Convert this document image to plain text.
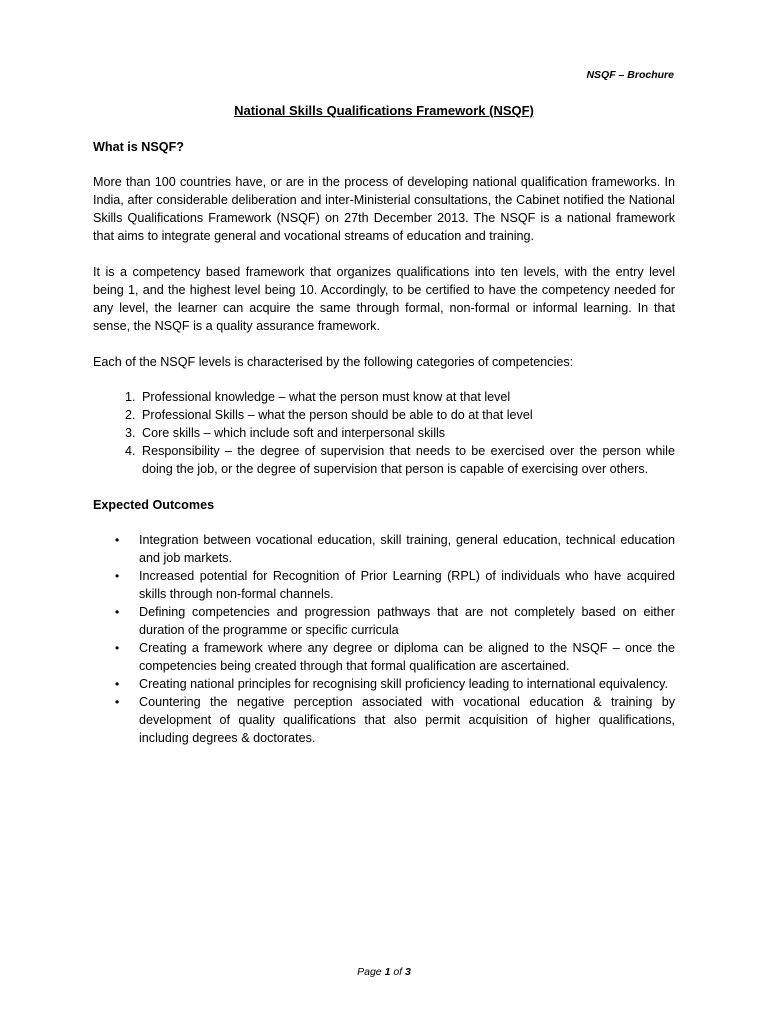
NSQF – Brochure
National Skills Qualifications Framework (NSQF)
What is NSQF?

More than 100 countries have, or are in the process of developing national qualification frameworks. In India, after considerable deliberation and inter-Ministerial consultations, the Cabinet notified the National Skills Qualifications Framework (NSQF) on 27th December 2013. The NSQF is a national framework that aims to integrate general and vocational streams of education and training.

It is a competency based framework that organizes qualifications into ten levels, with the entry level being 1, and the highest level being 10. Accordingly, to be certified to have the competency needed for any level, the learner can acquire the same through formal, non-formal or informal learning. In that sense, the NSQF is a quality assurance framework.

Each of the NSQF levels is characterised by the following categories of competencies:

1. Professional knowledge – what the person must know at that level
2. Professional Skills – what the person should be able to do at that level
3. Core skills – which include soft and interpersonal skills
4. Responsibility – the degree of supervision that needs to be exercised over the person while doing the job, or the degree of supervision that person is capable of exercising over others.
Expected Outcomes
• Integration between vocational education, skill training, general education, technical education and job markets.
• Increased potential for Recognition of Prior Learning (RPL) of individuals who have acquired skills through non-formal channels.
• Defining competencies and progression pathways that are not completely based on either duration of the programme or specific curricula
• Creating a framework where any degree or diploma can be aligned to the NSQF – once the competencies being created through that formal qualification are ascertained.
• Creating national principles for recognising skill proficiency leading to international equivalency.
• Countering the negative perception associated with vocational education & training by development of quality qualifications that also permit acquisition of higher qualifications, including degrees & doctorates.
Page 1 of 3
